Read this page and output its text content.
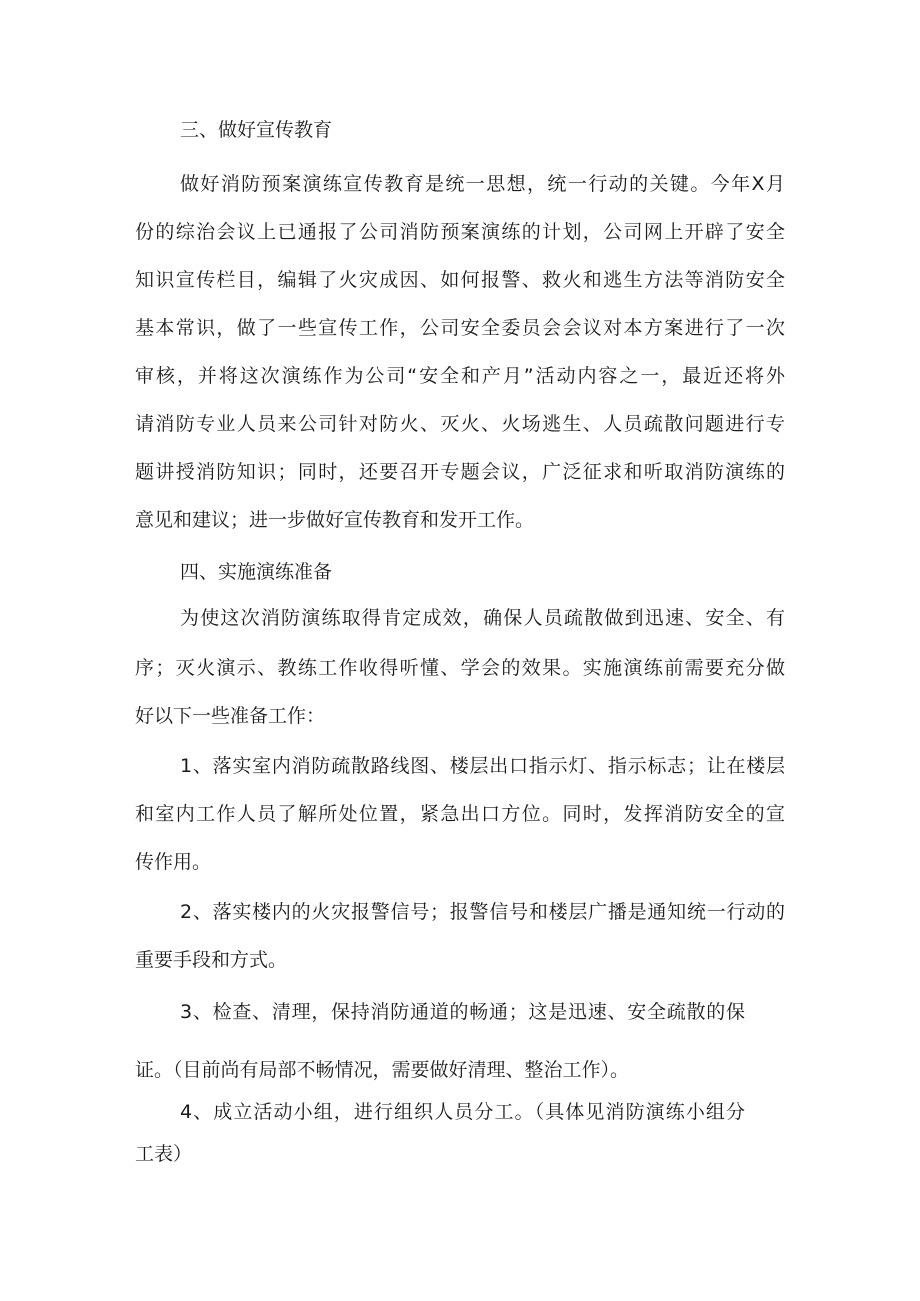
三、做好宣传教育
做好消防预案演练宣传教育是统一思想，统一行动的关键。今年X月
份的综治会议上已通报了公司消防预案演练的计划，公司网上开辟了安全
知识宣传栏目，编辑了火灾成因、如何报警、救火和逃生方法等消防安全
基本常识，做了一些宣传工作，公司安全委员会会议对本方案进行了一次
审核，并将这次演练作为公司“安全和产月”活动内容之一，最近还将外
请消防专业人员来公司针对防火、灭火、火场逃生、人员疏散问题进行专
题讲授消防知识；同时，还要召开专题会议，广泛征求和听取消防演练的
意见和建议；进一步做好宣传教育和发开工作。
四、实施演练准备
为使这次消防演练取得肯定成效，确保人员疏散做到迅速、安全、有
序；灭火演示、教练工作收得听懂、学会的效果。实施演练前需要充分做
好以下一些准备工作：
1、落实室内消防疏散路线图、楼层出口指示灯、指示标志；让在楼层
和室内工作人员了解所处位置，紧急出口方位。同时，发挥消防安全的宣
传作用。
2、落实楼内的火灾报警信号；报警信号和楼层广播是通知统一行动的
重要手段和方式。
3、检查、清理，保持消防通道的畅通；这是迅速、安全疏散的保
证。（目前尚有局部不畅情况，需要做好清理、整治工作）。
4、成立活动小组，进行组织人员分工。（具体见消防演练小组分
工表）
